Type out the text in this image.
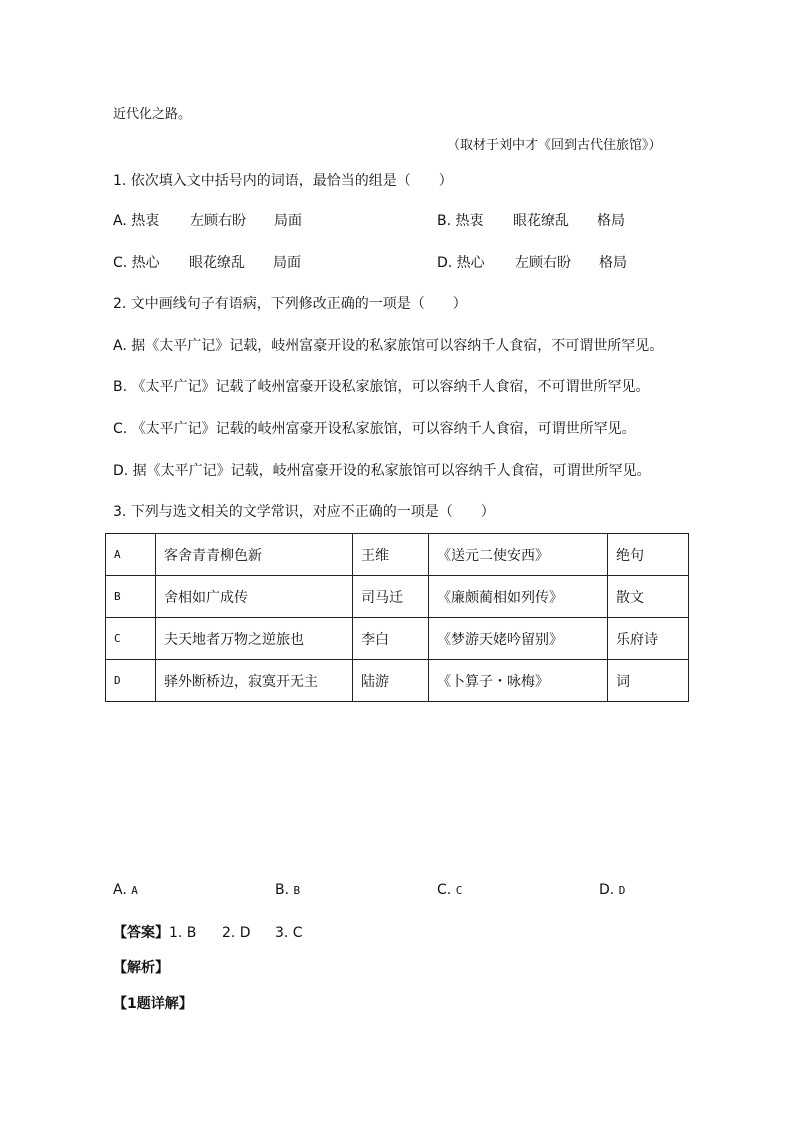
近代化之路。
（取材于刘中才《回到古代住旅馆》）
1. 依次填入文中括号内的词语，最恰当的组是（　　）
A. 热衷 左顾右盼 局面	B. 热衷 眼花缭乱 格局
C. 热心 眼花缭乱 局面	D. 热心 左顾右盼 格局
2. 文中画线句子有语病，下列修改正确的一项是（　　）
A. 据《太平广记》记载，岐州富豪开设的私家旅馆可以容纳千人食宿，不可谓世所罕见。
B. 《太平广记》记载了岐州富豪开设私家旅馆，可以容纳千人食宿，不可谓世所罕见。
C. 《太平广记》记载的岐州富豪开设私家旅馆，可以容纳千人食宿，可谓世所罕见。
D. 据《太平广记》记载，岐州富豪开设的私家旅馆可以容纳千人食宿，可谓世所罕见。
3. 下列与选文相关的文学常识，对应不正确的一项是（　　）
A	客舍青青柳色新	王维	《送元二使安西》	绝句
B	舍相如广成传	司马迁	《廉颇蔺相如列传》	散文
C	夫天地者万物之逆旅也	李白	《梦游天姥吟留别》	乐府诗
D	驿外断桥边，寂寞开无主	陆游	《卜算子・咏梅》	词
A. A	B. B	C. C	D. D
【答案】1. B 2. D 3. C
【解析】
【1题详解】
